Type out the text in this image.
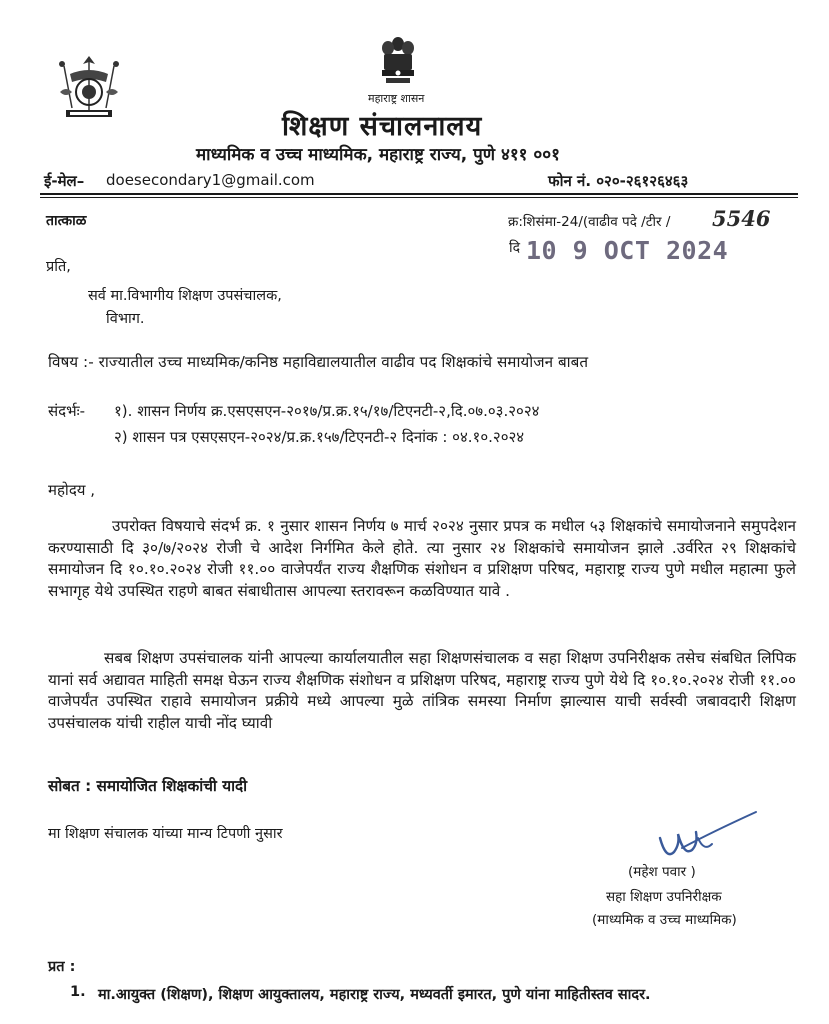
महाराष्ट्र शासन
शिक्षण संचालनालय
माध्यमिक व उच्च माध्यमिक, महाराष्ट्र राज्य, पुणे ४११ ००१
ई-मेल– doesecondary1@gmail.com	फोन नं. ०२०-२६१२६४६३
तात्काळ	क्र:शिसंमा-24/(वाढीव पदे /टीर / 5546
दि 10 9 OCT 2024
प्रति,
सर्व मा.विभागीय शिक्षण उपसंचालक,
विभाग.
विषय :- राज्यातील उच्च माध्यमिक/कनिष्ठ महाविद्यालयातील वाढीव पद शिक्षकांचे समायोजन बाबत
संदर्भः- १). शासन निर्णय क्र.एसएसएन-२०१७/प्र.क्र.१५/१७/टिएनटी-२,दि.०७.०३.२०२४
२) शासन पत्र एसएसएन-२०२४/प्र.क्र.१५७/टिएनटी-२ दिनांक : ०४.१०.२०२४
महोदय ,
उपरोक्त विषयाचे संदर्भ क्र. १ नुसार शासन निर्णय ७ मार्च २०२४ नुसार प्रपत्र क मधील ५३ शिक्षकांचे समायोजनाने समुपदेशन करण्यासाठी दि ३०/७/२०२४ रोजी चे आदेश निर्गमित केले होते. त्या नुसार २४ शिक्षकांचे समायोजन झाले .उर्वरित २९ शिक्षकांचे समायोजन दि १०.१०.२०२४ रोजी ११.०० वाजेपर्यंत राज्य शैक्षणिक संशोधन व प्रशिक्षण परिषद, महाराष्ट्र राज्य पुणे मधील महात्मा फुले सभागृह येथे उपस्थित राहणे बाबत संबाधीतास आपल्या स्तरावरून कळविण्यात यावे .
सबब शिक्षण उपसंचालक यांनी आपल्या कार्यालयातील सहा शिक्षणसंचालक व सहा शिक्षण उपनिरीक्षक तसेच संबधित लिपिक यानां सर्व अद्यावत माहिती समक्ष घेऊन राज्य शैक्षणिक संशोधन व प्रशिक्षण परिषद, महाराष्ट्र राज्य पुणे येथे दि १०.१०.२०२४ रोजी ११.०० वाजेपर्यंत उपस्थित राहावे समायोजन प्रक्रीये मध्ये आपल्या मुळे तांत्रिक समस्या निर्माण झाल्यास याची सर्वस्वी जबावदारी शिक्षण उपसंचालक यांची राहील याची नोंद घ्यावी
सोबत : समायोजित शिक्षकांची यादी
मा शिक्षण संचालक यांच्या मान्य टिपणी नुसार
(महेश पवार )
सहा शिक्षण उपनिरीक्षक
(माध्यमिक व उच्च माध्यमिक)
प्रत :
1. मा.आयुक्त (शिक्षण), शिक्षण आयुक्तालय, महाराष्ट्र राज्य, मध्यवर्ती इमारत, पुणे यांना माहितीस्तव सादर.
